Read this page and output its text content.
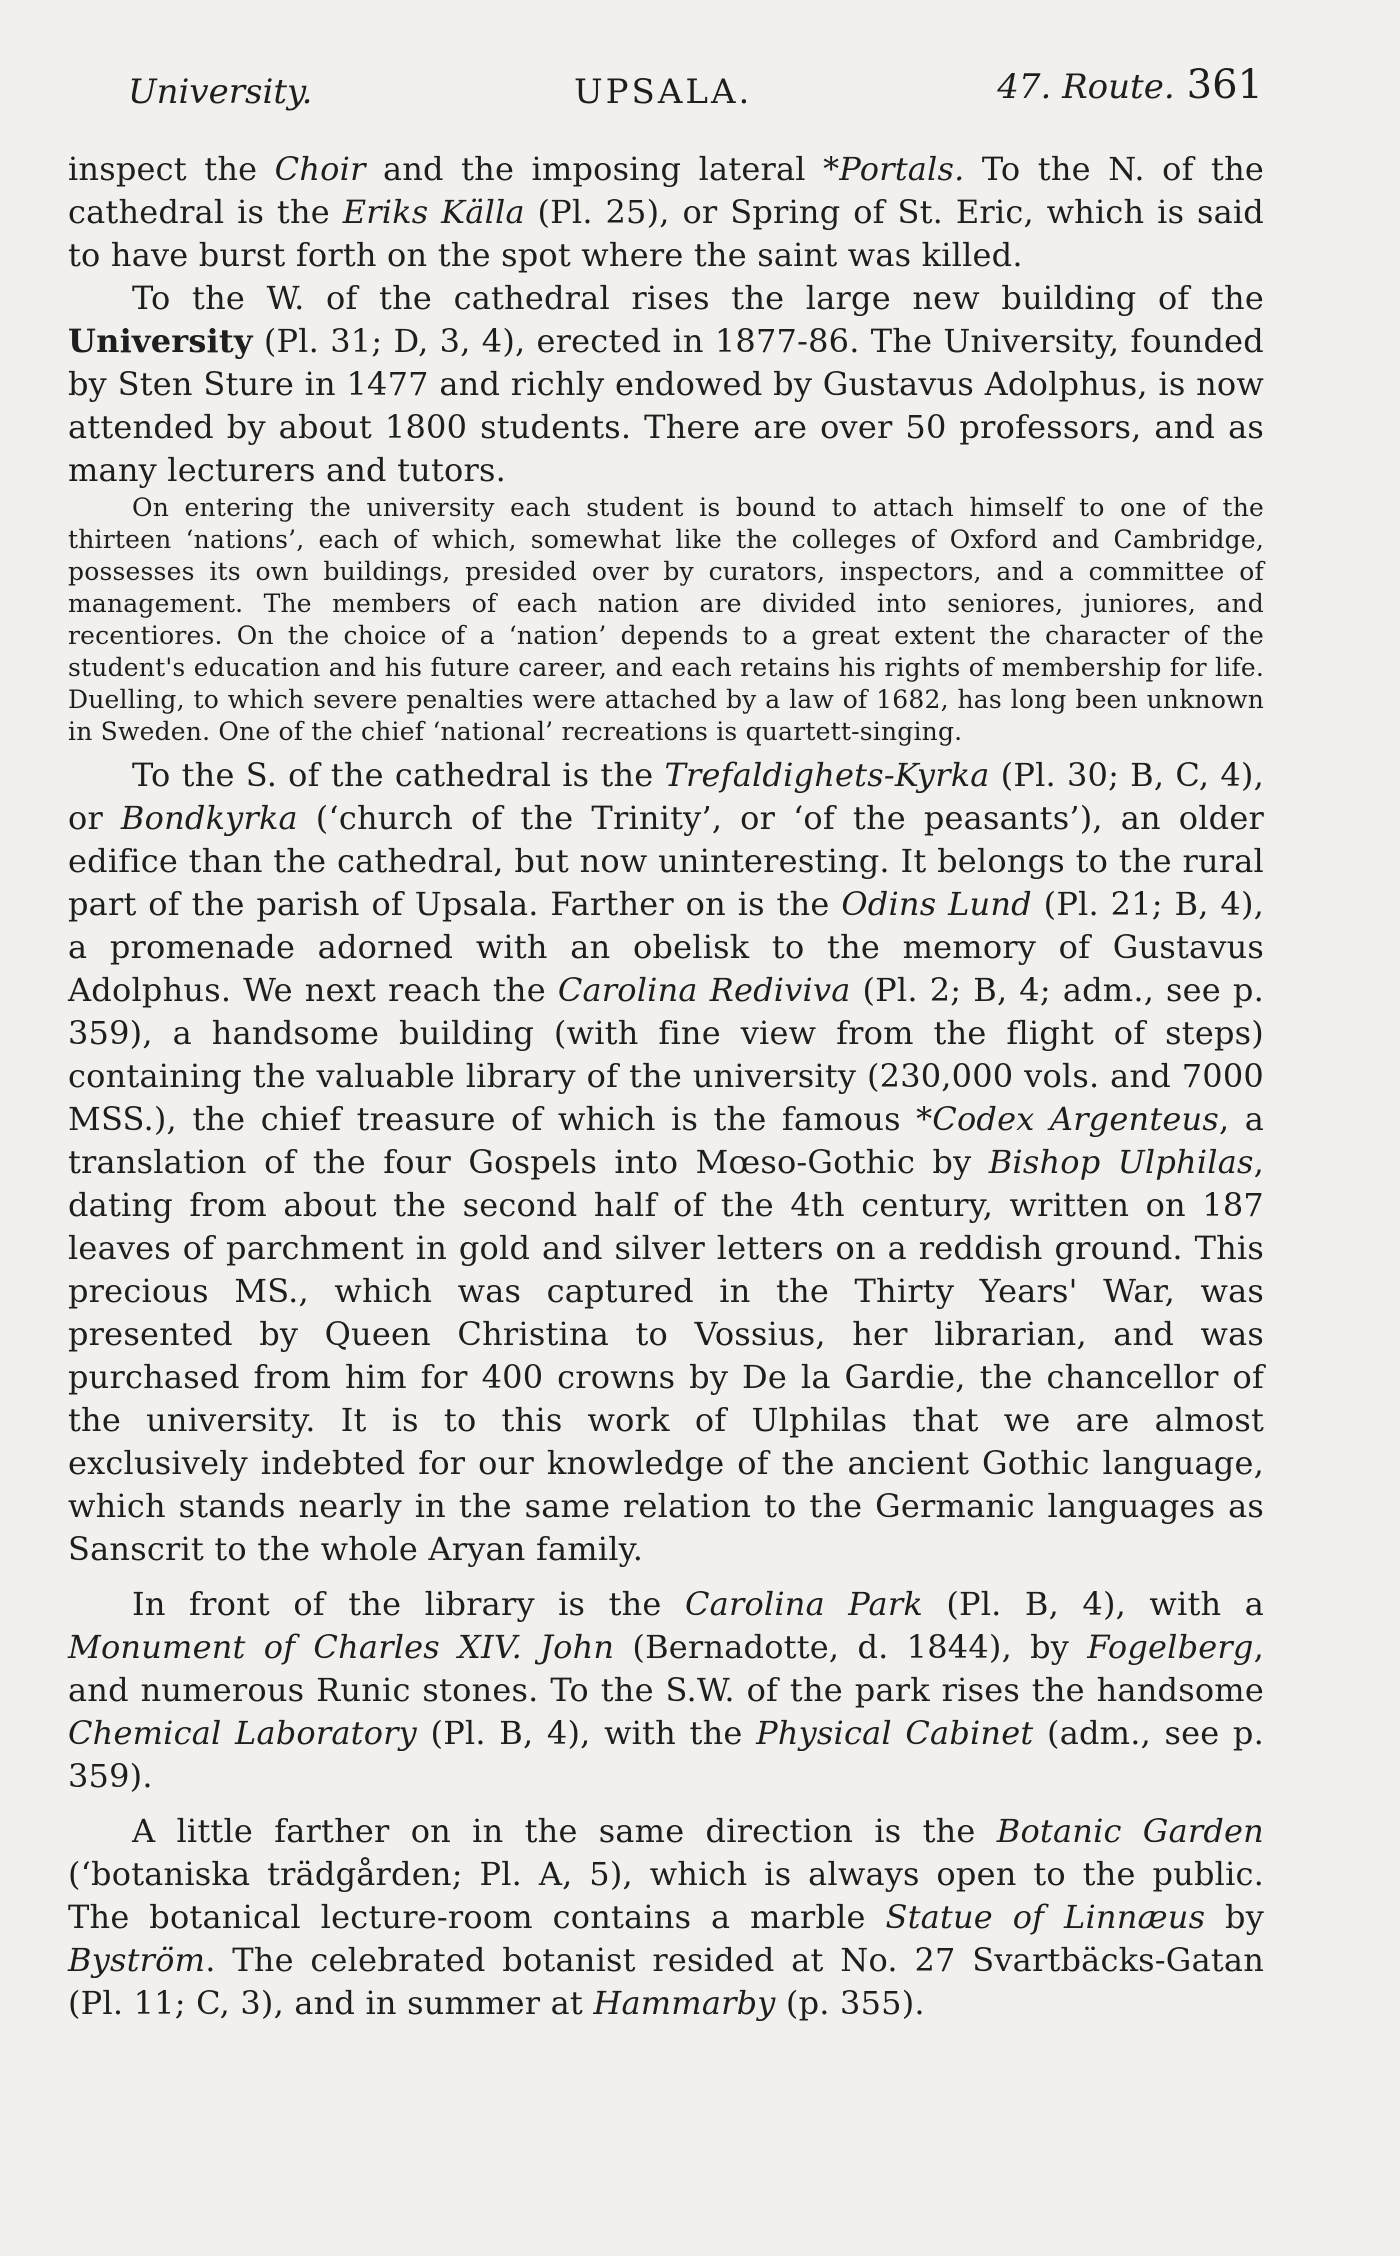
University.	UPSALA.	47. Route. 361

inspect the Choir and the imposing lateral *Portals. To the N. of the cathedral is the Eriks Källa (Pl. 25), or Spring of St. Eric, which is said to have burst forth on the spot where the saint was killed.

To the W. of the cathedral rises the large new building of the University (Pl. 31; D, 3, 4), erected in 1877-86. The University, founded by Sten Sture in 1477 and richly endowed by Gustavus Adolphus, is now attended by about 1800 students. There are over 50 professors, and as many lecturers and tutors.

On entering the university each student is bound to attach himself to one of the thirteen ‘nations’, each of which, somewhat like the colleges of Oxford and Cambridge, possesses its own buildings, presided over by curators, inspectors, and a committee of management. The members of each nation are divided into seniores, juniores, and recentiores. On the choice of a ‘nation’ depends to a great extent the character of the student's education and his future career, and each retains his rights of membership for life. Duelling, to which severe penalties were attached by a law of 1682, has long been unknown in Sweden. One of the chief ‘national’ recreations is quartett-singing.

To the S. of the cathedral is the Trefaldighets-Kyrka (Pl. 30; B, C, 4), or Bondkyrka (‘church of the Trinity’, or ‘of the peasants’), an older edifice than the cathedral, but now uninteresting. It belongs to the rural part of the parish of Upsala. Farther on is the Odins Lund (Pl. 21; B, 4), a promenade adorned with an obelisk to the memory of Gustavus Adolphus. We next reach the Carolina Rediviva (Pl. 2; B, 4; adm., see p. 359), a handsome building (with fine view from the flight of steps) containing the valuable library of the university (230,000 vols. and 7000 MSS.), the chief treasure of which is the famous *Codex Argenteus, a translation of the four Gospels into Mœso-Gothic by Bishop Ulphilas, dating from about the second half of the 4th century, written on 187 leaves of parchment in gold and silver letters on a reddish ground. This precious MS., which was captured in the Thirty Years' War, was presented by Queen Christina to Vossius, her librarian, and was purchased from him for 400 crowns by De la Gardie, the chancellor of the university. It is to this work of Ulphilas that we are almost exclusively indebted for our knowledge of the ancient Gothic language, which stands nearly in the same relation to the Germanic languages as Sanscrit to the whole Aryan family.

In front of the library is the Carolina Park (Pl. B, 4), with a Monument of Charles XIV. John (Bernadotte, d. 1844), by Fogelberg, and numerous Runic stones. To the S.W. of the park rises the handsome Chemical Laboratory (Pl. B, 4), with the Physical Cabinet (adm., see p. 359).

A little farther on in the same direction is the Botanic Garden (‘botaniska trädgården; Pl. A, 5), which is always open to the public. The botanical lecture-room contains a marble Statue of Linnæus by Byström. The celebrated botanist resided at No. 27 Svartbäcks-Gatan (Pl. 11; C, 3), and in summer at Hammarby (p. 355).
